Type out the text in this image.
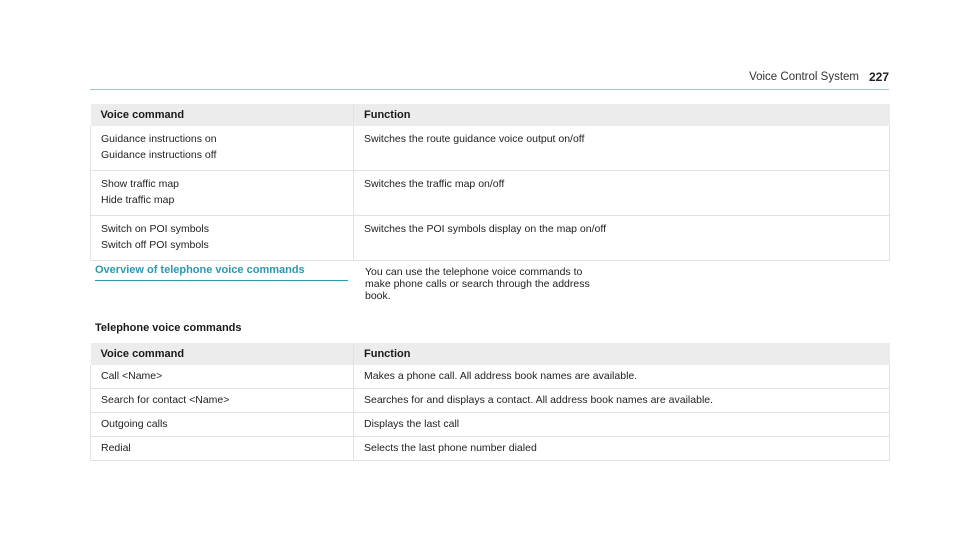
Voice Control System 227
Voice command	Function

Guidance instructions on
Guidance instructions off	Switches the route guidance voice output on/off

Show traffic map
Hide traffic map	Switches the traffic map on/off

Switch on POI symbols
Switch off POI symbols	Switches the POI symbols display on the map on/off
Overview of telephone voice commands	You can use the telephone voice commands to
make phone calls or search through the address
book.
Telephone voice commands
Voice command	Function
Call <Name>	Makes a phone call. All address book names are available.
Search for contact <Name>	Searches for and displays a contact. All address book names are available.
Outgoing calls	Displays the last call
Redial	Selects the last phone number dialed
